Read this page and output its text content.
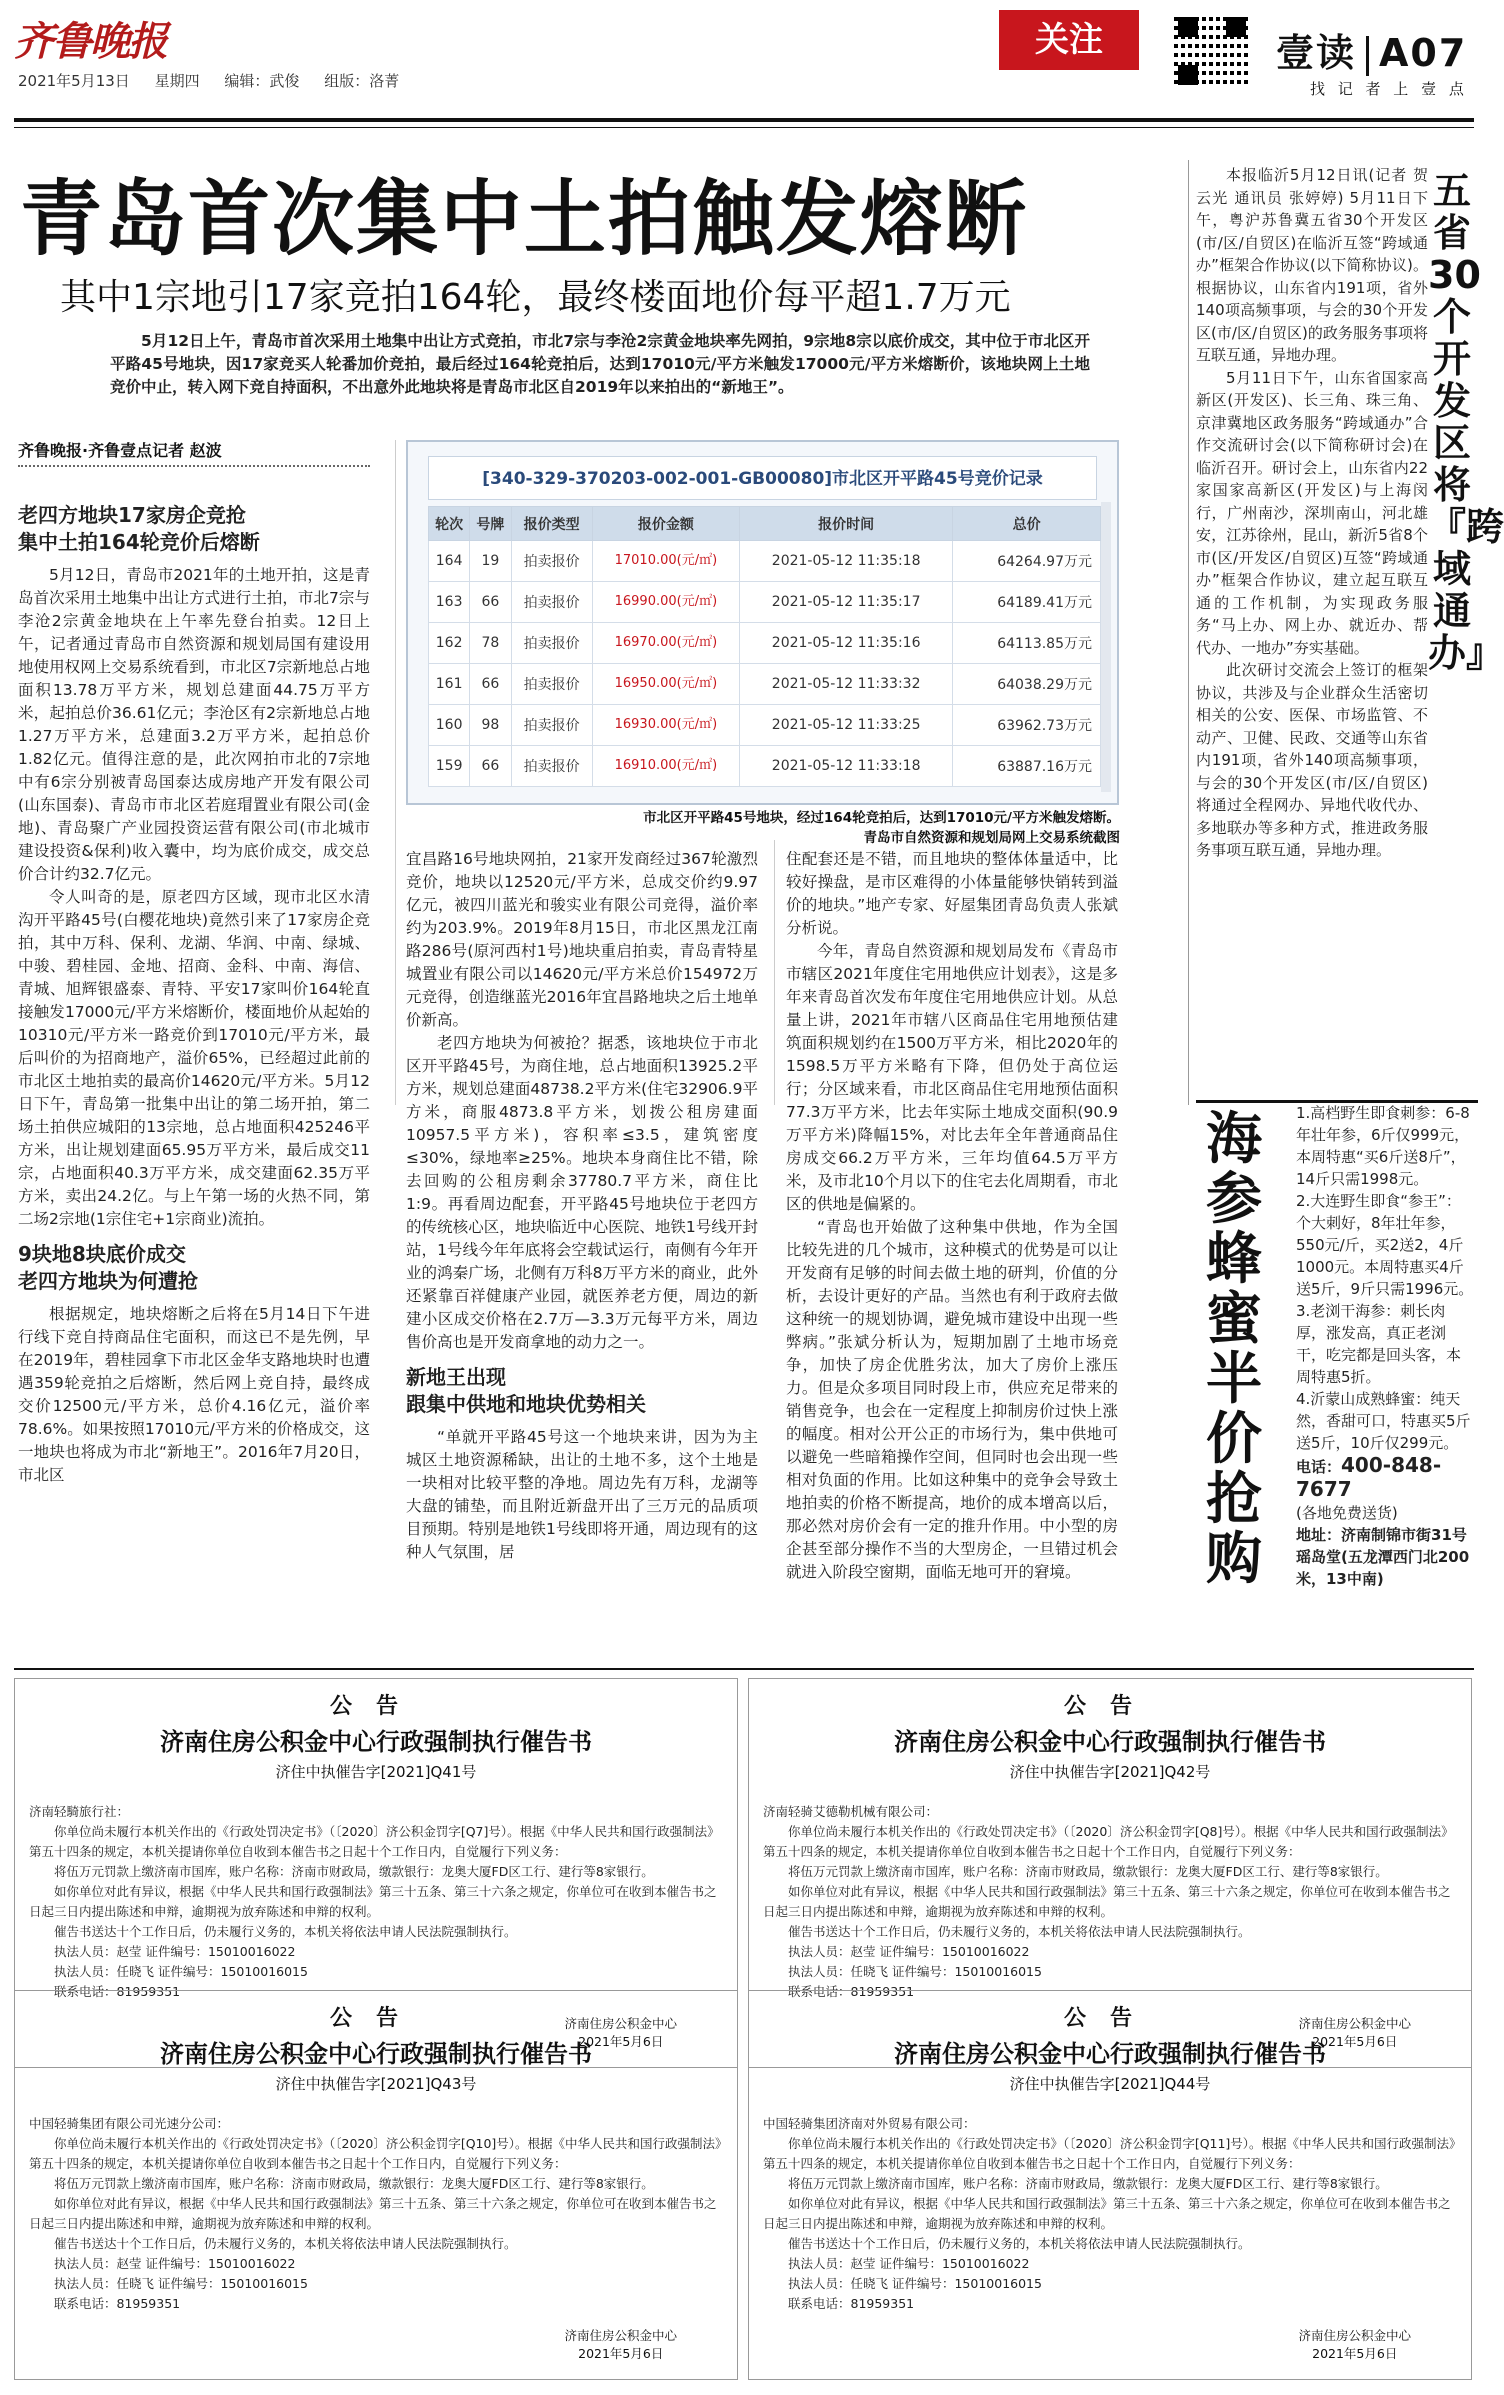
齐鲁晚报
2021年5月13日 星期四 编辑：武俊 组版：洛菁
关注	壹读 A07
找 记 者 上 壹 点
青岛首次集中土拍触发熔断
其中1宗地引17家竞拍164轮，最终楼面地价每平超1.7万元

5月12日上午，青岛市首次采用土地集中出让方式竞拍，市北7宗与李沧2宗黄金地块率先网拍，9宗地8宗以底价成交，其中位于市北区开平路45号地块，因17家竞买人轮番加价竞拍，最后经过164轮竞拍后，达到17010元/平方米触发17000元/平方米熔断价，该地块网上土地竞价中止，转入网下竞自持面积，不出意外此地块将是青岛市北区自2019年以来拍出的“新地王”。

齐鲁晚报·齐鲁壹点记者 赵波
[340-329-370203-002-001-GB00080]市北区开平路45号竞价记录
轮次	号牌	报价类型	报价金额	报价时间	总价
164	19	拍卖报价	17010.00(元/㎡)	2021-05-12 11:35:18	64264.97万元
163	66	拍卖报价	16990.00(元/㎡)	2021-05-12 11:35:17	64189.41万元
162	78	拍卖报价	16970.00(元/㎡)	2021-05-12 11:35:16	64113.85万元
161	66	拍卖报价	16950.00(元/㎡)	2021-05-12 11:33:32	64038.29万元
160	98	拍卖报价	16930.00(元/㎡)	2021-05-12 11:33:25	63962.73万元
159	66	拍卖报价	16910.00(元/㎡)	2021-05-12 11:33:18	63887.16万元
市北区开平路45号地块，经过164轮竞拍后，达到17010元/平方米触发熔断。
青岛市自然资源和规划局网上交易系统截图
老四方地块17家房企竞抢
集中土拍164轮竞价后熔断

5月12日，青岛市2021年的土地开拍，这是青岛首次采用土地集中出让方式进行土拍，市北7宗与李沧2宗黄金地块在上午率先登台拍卖。12日上午，记者通过青岛市自然资源和规划局国有建设用地使用权网上交易系统看到，市北区7宗新地总占地面积13.78万平方米，规划总建面44.75万平方米，起拍总价36.61亿元；李沧区有2宗新地总占地1.27万平方米，总建面3.2万平方米，起拍总价1.82亿元。值得注意的是，此次网拍市北的7宗地中有6宗分别被青岛国泰达成房地产开发有限公司(山东国泰)、青岛市市北区若庭瑁置业有限公司(金地)、青岛聚广产业园投资运营有限公司(市北城市建设投资&保利)收入囊中，均为底价成交，成交总价合计约32.7亿元。

令人叫奇的是，原老四方区域，现市北区水清沟开平路45号(白樱花地块)竟然引来了17家房企竞拍，其中万科、保利、龙湖、华润、中南、绿城、中骏、碧桂园、金地、招商、金科、中南、海信、青城、旭辉银盛泰、青特、平安17家叫价164轮直接触发17000元/平方米熔断价，楼面地价从起始的10310元/平方米一路竞价到17010元/平方米，最后叫价的为招商地产，溢价65%，已经超过此前的市北区土地拍卖的最高价14620元/平方米。5月12日下午，青岛第一批集中出让的第二场开拍，第二场土拍供应城阳的13宗地，总占地面积425246平方米，出让规划建面65.95万平方米，最后成交11宗，占地面积40.3万平方米，成交建面62.35万平方米，卖出24.2亿。与上午第一场的火热不同，第二场2宗地(1宗住宅+1宗商业)流拍。

9块地8块底价成交
老四方地块为何遭抢

根据规定，地块熔断之后将在5月14日下午进行线下竞自持商品住宅面积，而这已不是先例，早在2019年，碧桂园拿下市北区金华支路地块时也遭遇359轮竞拍之后熔断，然后网上竞自持，最终成交价12500元/平方米，总价4.16亿元，溢价率78.6%。如果按照17010元/平方米的价格成交，这一地块也将成为市北“新地王”。2016年7月20日，市北区

宜昌路16号地块网拍，21家开发商经过367轮激烈竞价，地块以12520元/平方米，总成交价约9.97亿元，被四川蓝光和骏实业有限公司竞得，溢价率约为203.9%。2019年8月15日，市北区黑龙江南路286号(原河西村1号)地块重启拍卖，青岛青特星城置业有限公司以14620元/平方米总价154972万元竞得，创造继蓝光2016年宜昌路地块之后土地单价新高。

老四方地块为何被抢？据悉，该地块位于市北区开平路45号，为商住地，总占地面积13925.2平方米，规划总建面48738.2平方米(住宅32906.9平方米，商服4873.8平方米，划拨公租房建面10957.5平方米)，容积率≤3.5，建筑密度≤30%，绿地率≥25%。地块本身商住比不错，除去回购的公租房剩余37780.7平方米，商住比1:9。再看周边配套，开平路45号地块位于老四方的传统核心区，地块临近中心医院、地铁1号线开封站，1号线今年年底将会空载试运行，南侧有今年开业的鸿秦广场，北侧有万科8万平方米的商业，此外还紧靠百祥健康产业园，就医养老方便，周边的新建小区成交价格在2.7万—3.3万元每平方米，周边售价高也是开发商拿地的动力之一。

新地王出现
跟集中供地和地块优势相关

“单就开平路45号这一个地块来讲，因为为主城区土地资源稀缺，出让的土地不多，这个土地是一块相对比较平整的净地。周边先有万科，龙湖等大盘的铺垫，而且附近新盘开出了三万元的品质项目预期。特别是地铁1号线即将开通，周边现有的这种人气氛围，居

住配套还是不错，而且地块的整体体量适中，比较好操盘，是市区难得的小体量能够快销转到溢价的地块。”地产专家、好屋集团青岛负责人张斌分析说。

今年，青岛自然资源和规划局发布《青岛市市辖区2021年度住宅用地供应计划表》，这是多年来青岛首次发布年度住宅用地供应计划。从总量上讲，2021年市辖八区商品住宅用地预估建筑面积规划约在1500万平方米，相比2020年的1598.5万平方米略有下降，但仍处于高位运行；分区域来看，市北区商品住宅用地预估面积77.3万平方米，比去年实际土地成交面积(90.9万平方米)降幅15%，对比去年全年普通商品住房成交66.2万平方米，三年均值64.5万平方米，及市北10个月以下的住宅去化周期看，市北区的供地是偏紧的。

“青岛也开始做了这种集中供地，作为全国比较先进的几个城市，这种模式的优势是可以让开发商有足够的时间去做土地的研判，价值的分析，去设计更好的产品。当然也有利于政府去做这种统一的规划协调，避免城市建设中出现一些弊病。”张斌分析认为，短期加剧了土地市场竞争，加快了房企优胜劣汰，加大了房价上涨压力。但是众多项目同时段上市，供应充足带来的销售竞争，也会在一定程度上抑制房价过快上涨的幅度。相对公开公正的市场行为，集中供地可以避免一些暗箱操作空间，但同时也会出现一些相对负面的作用。比如这种集中的竞争会导致土地拍卖的价格不断提高，地价的成本增高以后，那必然对房价会有一定的推升作用。中小型的房企甚至部分操作不当的大型房企，一旦错过机会就进入阶段空窗期，面临无地可开的窘境。

本报临沂5月12日讯(记者 贺云光 通讯员 张婷婷) 5月11日下午，粤沪苏鲁冀五省30个开发区(市/区/自贸区)在临沂互签“跨域通办”框架合作协议(以下简称协议)。根据协议，山东省内191项，省外140项高频事项，与会的30个开发区(市/区/自贸区)的政务服务事项将互联互通，异地办理。

5月11日下午，山东省国家高新区(开发区)、长三角、珠三角、京津冀地区政务服务“跨域通办”合作交流研讨会(以下简称研讨会)在临沂召开。研讨会上，山东省内22家国家高新区(开发区)与上海闵行，广州南沙，深圳南山，河北雄安，江苏徐州，昆山，新沂5省8个市(区/开发区/自贸区)互签“跨域通办”框架合作协议，建立起互联互通的工作机制，为实现政务服务“马上办、网上办、就近办、帮代办、一地办”夯实基础。

此次研讨交流会上签订的框架协议，共涉及与企业群众生活密切相关的公安、医保、市场监管、不动产、卫健、民政、交通等山东省内191项，省外140项高频事项，与会的30个开发区(市/区/自贸区)将通过全程网办、异地代收代办、多地联办等多种方式，推进政务服务事项互联互通，异地办理。

五省30个开发区将『跨域通办』
海参
蜂蜜半价抢购
1.高档野生即食刺参：6-8年壮年参，6斤仅999元，本周特惠“买6斤送8斤”，14斤只需1998元。
2.大连野生即食“参王”：个大刺好，8年壮年参，550元/斤，买2送2，4斤1000元。本周特惠买4斤送5斤，9斤只需1996元。
3.老浏干海参：刺长肉厚，涨发高，真正老浏干，吃完都是回头客，本周特惠5折。
4.沂蒙山成熟蜂蜜：纯天然，香甜可口，特惠买5斤送5斤，10斤仅299元。
电话：400-848-7677
(各地免费送货)
地址：济南制锦市街31号瑶岛堂(五龙潭西门北200米，13中南)
公告
济南住房公积金中心行政强制执行催告书
济住中执催告字[2021]Q41号
济南轻騎旅行社：
你单位尚未履行本机关作出的《行政处罚决定书》（〔2020〕济公积金罚字[Q7]号）。根据《中华人民共和国行政强制法》第五十四条的规定，本机关提请你单位自收到本催告书之日起十个工作日内，自觉履行下列义务：
将伍万元罚款上缴济南市国库，账户名称：济南市财政局，缴款银行：龙奥大厦FD区工行、建行等8家银行。
如你单位对此有异议，根据《中华人民共和国行政强制法》第三十五条、第三十六条之规定，你单位可在收到本催告书之日起三日内提出陈述和申辩，逾期视为放弃陈述和申辩的权利。
催告书送达十个工作日后，仍未履行义务的，本机关将依法申请人民法院强制执行。
执法人员：赵莹 证件编号：15010016022
执法人员：任晓飞 证件编号：15010016015
联系电话：81959351
济南住房公积金中心
2021年5月6日
公告
济南住房公积金中心行政强制执行催告书
济住中执催告字[2021]Q42号
济南轻骑艾德勒机械有限公司：
你单位尚未履行本机关作出的《行政处罚决定书》（〔2020〕济公积金罚字[Q8]号）。根据《中华人民共和国行政强制法》第五十四条的规定，本机关提请你单位自收到本催告书之日起十个工作日内，自觉履行下列义务：
将伍万元罚款上缴济南市国库，账户名称：济南市财政局，缴款银行：龙奥大厦FD区工行、建行等8家银行。
如你单位对此有异议，根据《中华人民共和国行政强制法》第三十五条、第三十六条之规定，你单位可在收到本催告书之日起三日内提出陈述和申辩，逾期视为放弃陈述和申辩的权利。
催告书送达十个工作日后，仍未履行义务的，本机关将依法申请人民法院强制执行。
执法人员：赵莹 证件编号：15010016022
执法人员：任晓飞 证件编号：15010016015
联系电话：81959351
济南住房公积金中心
2021年5月6日
公告
济南住房公积金中心行政强制执行催告书
济住中执催告字[2021]Q43号
中国轻骑集团有限公司光速分公司：
你单位尚未履行本机关作出的《行政处罚决定书》（〔2020〕济公积金罚字[Q10]号）。根据《中华人民共和国行政强制法》第五十四条的规定，本机关提请你单位自收到本催告书之日起十个工作日内，自觉履行下列义务：
将伍万元罚款上缴济南市国库，账户名称：济南市财政局，缴款银行：龙奥大厦FD区工行、建行等8家银行。
如你单位对此有异议，根据《中华人民共和国行政强制法》第三十五条、第三十六条之规定，你单位可在收到本催告书之日起三日内提出陈述和申辩，逾期视为放弃陈述和申辩的权利。
催告书送达十个工作日后，仍未履行义务的，本机关将依法申请人民法院强制执行。
执法人员：赵莹 证件编号：15010016022
执法人员：任晓飞 证件编号：15010016015
联系电话：81959351
济南住房公积金中心
2021年5月6日
公告
济南住房公积金中心行政强制执行催告书
济住中执催告字[2021]Q44号
中国轻骑集团济南对外贸易有限公司：
你单位尚未履行本机关作出的《行政处罚决定书》（〔2020〕济公积金罚字[Q11]号）。根据《中华人民共和国行政强制法》第五十四条的规定，本机关提请你单位自收到本催告书之日起十个工作日内，自觉履行下列义务：
将伍万元罚款上缴济南市国库，账户名称：济南市财政局，缴款银行：龙奥大厦FD区工行、建行等8家银行。
如你单位对此有异议，根据《中华人民共和国行政强制法》第三十五条、第三十六条之规定，你单位可在收到本催告书之日起三日内提出陈述和申辩，逾期视为放弃陈述和申辩的权利。
催告书送达十个工作日后，仍未履行义务的，本机关将依法申请人民法院强制执行。
执法人员：赵莹 证件编号：15010016022
执法人员：任晓飞 证件编号：15010016015
联系电话：81959351
济南住房公积金中心
2021年5月6日
